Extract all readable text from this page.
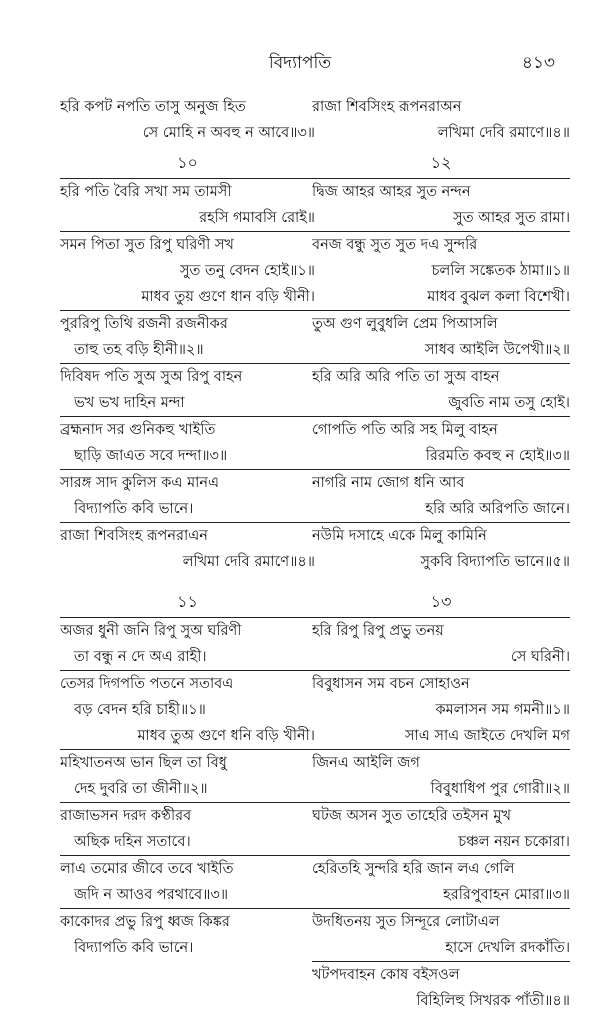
বিদ্যাপতি	৪১৩
হরি কপট নপতি তাসু অনুজ হিত
সে মোহি ন অবহু ন আবে॥৩॥
১০
হরি পতি বৈরি সখা সম তামসী
রহসি গমাবসি রোই॥
সমন পিতা সুত রিপু ঘরিণী সখ
সুত তনু বেদন হোই॥১॥
মাধব তুয় গুণে ধান বড়ি খীনী।
পুররিপু তিথি রজনী রজনীকর
তাহু তহ বড়ি হীনী॥২॥
দিবিষদ পতি সুঅ সুঅ রিপু বাহন
ভখ ভখ দাহিন মন্দা
ব্রহ্মনাদ সর গুনিকহু খাইতি
ছাড়ি জাএত সবে দন্দা॥৩॥
সারঙ্গ সাদ কুলিস কএ মানএ
বিদ্যাপতি কবি ভানে।
রাজা শিবসিংহ রূপনরাএন
লখিমা দেবি রমাণে॥৪॥
১১
অজর ধুনী জনি রিপু সুঅ ঘরিণী
তা বন্ধু ন দে অএ রাহী।
তেসর দিগপতি পতনে সতাবএ
বড় বেদন হরি চাহী॥১॥
মাধব তুঅ গুণে ধনি বড়ি খীনী।
মহিখাতনঅ ভান ছিল তা বিধু
দেহ দুবরি তা জীনী॥২॥
রাজাভসন দরদ কণ্ঠীরব
অছিক দহিন সতাবে।
লাএ তমোর জীবে তবে খাইতি
জদি ন আওব পরথাবে॥৩॥
কাকোদর প্রভু রিপু ধ্বজ কিঙ্কর
বিদ্যাপতি কবি ভানে।
রাজা শিবসিংহ রূপনরাঅন
লখিমা দেবি রমাণে॥৪॥
১২
দ্বিজ আহর আহর সুত নন্দন
সুত আহর সুত রামা।
বনজ বন্ধু সুত সুত দএ সুন্দরি
চললি সঙ্কেতক ঠামা॥১॥
মাধব বুঝল কলা বিশেখী।
তুঅ গুণ লুবুধলি প্রেম পিআসলি
সাধব আইলি উপেখী॥২॥
হরি অরি অরি পতি তা সুঅ বাহন
জুবতি নাম তসু হোই।
গোপতি পতি অরি সহ মিলু বাহন
রিরমতি কবহু ন হোই॥৩॥
নাগরি নাম জোগ ধনি আব
হরি অরি অরিপতি জানে।
নউমি দসাহে একে মিলু কামিনি
সুকবি বিদ্যাপতি ভানে॥৫॥
১৩
হরি রিপু রিপু প্রভু তনয়
সে ঘরিনী।
বিবুধাসন সম বচন সোহাওন
কমলাসন সম গমনী॥১॥
সাএ সাএ জাইতে দেখলি মগ
জিনএ আইলি জগ
বিবুধাধিপ পুর গোরী॥২॥
ঘটজ অসন সুত তাহেরি তইসন মুখ
চঞ্চল নয়ন চকোরা।
হেরিতহি সুন্দরি হরি জান লএ গেলি
হররিপুবাহন মোরা॥৩॥
উদধিতনয় সুত সিন্দূরে লোটাএল
হাসে দেখলি রদকাঁতি।
খটপদবাহন কোষ বইসওল
বিহিলিহু সিখরক পাঁতী॥৪॥
